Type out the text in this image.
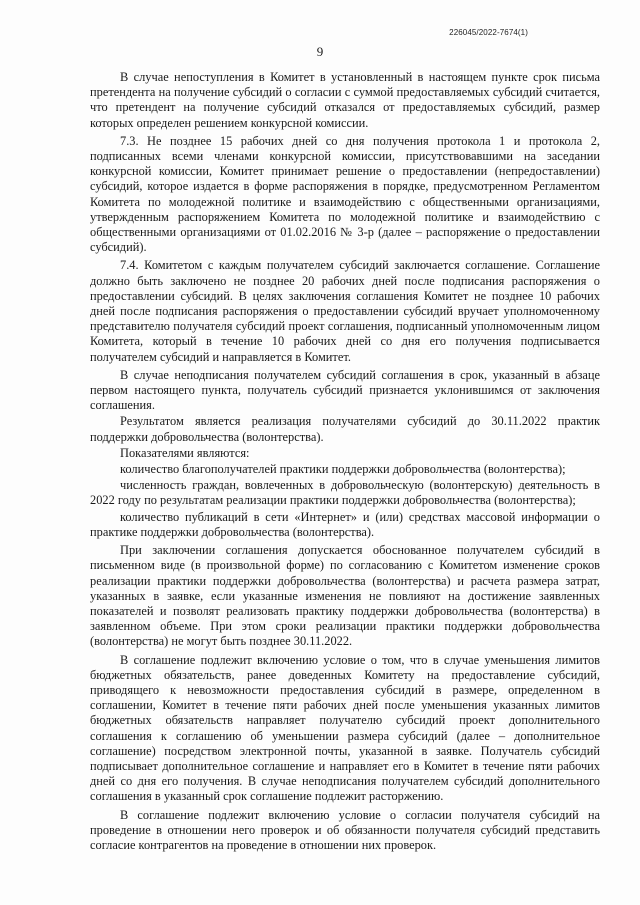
226045/2022-7674(1)
9

В случае непоступления в Комитет в установленный в настоящем пункте срок письма претендента на получение субсидий о согласии с суммой предоставляемых субсидий считается, что претендент на получение субсидий отказался от предоставляемых субсидий, размер которых определен решением конкурсной комиссии.

7.3. Не позднее 15 рабочих дней со дня получения протокола 1 и протокола 2, подписанных всеми членами конкурсной комиссии, присутствовавшими на заседании конкурсной комиссии, Комитет принимает решение о предоставлении (непредоставлении) субсидий, которое издается в форме распоряжения в порядке, предусмотренном Регламентом Комитета по молодежной политике и взаимодействию с общественными организациями, утвержденным распоряжением Комитета по молодежной политике и взаимодействию с общественными организациями от 01.02.2016 № 3-р (далее – распоряжение о предоставлении субсидий).

7.4. Комитетом с каждым получателем субсидий заключается соглашение. Соглашение должно быть заключено не позднее 20 рабочих дней после подписания распоряжения о предоставлении субсидий. В целях заключения соглашения Комитет не позднее 10 рабочих дней после подписания распоряжения о предоставлении субсидий вручает уполномоченному представителю получателя субсидий проект соглашения, подписанный уполномоченным лицом Комитета, который в течение 10 рабочих дней со дня его получения подписывается получателем субсидий и направляется в Комитет.

В случае неподписания получателем субсидий соглашения в срок, указанный в абзаце первом настоящего пункта, получатель субсидий признается уклонившимся от заключения соглашения.

Результатом является реализация получателями субсидий до 30.11.2022 практик поддержки добровольчества (волонтерства).

Показателями являются:

количество благополучателей практики поддержки добровольчества (волонтерства);

численность граждан, вовлеченных в добровольческую (волонтерскую) деятельность в 2022 году по результатам реализации практики поддержки добровольчества (волонтерства);

количество публикаций в сети «Интернет» и (или) средствах массовой информации о практике поддержки добровольчества (волонтерства).

При заключении соглашения допускается обоснованное получателем субсидий в письменном виде (в произвольной форме) по согласованию с Комитетом изменение сроков реализации практики поддержки добровольчества (волонтерства) и расчета размера затрат, указанных в заявке, если указанные изменения не повлияют на достижение заявленных показателей и позволят реализовать практику поддержки добровольчества (волонтерства) в заявленном объеме. При этом сроки реализации практики поддержки добровольчества (волонтерства) не могут быть позднее 30.11.2022.

В соглашение подлежит включению условие о том, что в случае уменьшения лимитов бюджетных обязательств, ранее доведенных Комитету на предоставление субсидий, приводящего к невозможности предоставления субсидий в размере, определенном в соглашении, Комитет в течение пяти рабочих дней после уменьшения указанных лимитов бюджетных обязательств направляет получателю субсидий проект дополнительного соглашения к соглашению об уменьшении размера субсидий (далее – дополнительное соглашение) посредством электронной почты, указанной в заявке. Получатель субсидий подписывает дополнительное соглашение и направляет его в Комитет в течение пяти рабочих дней со дня его получения. В случае неподписания получателем субсидий дополнительного соглашения в указанный срок соглашение подлежит расторжению.

В соглашение подлежит включению условие о согласии получателя субсидий на проведение в отношении него проверок и об обязанности получателя субсидий представить согласие контрагентов на проведение в отношении них проверок.
